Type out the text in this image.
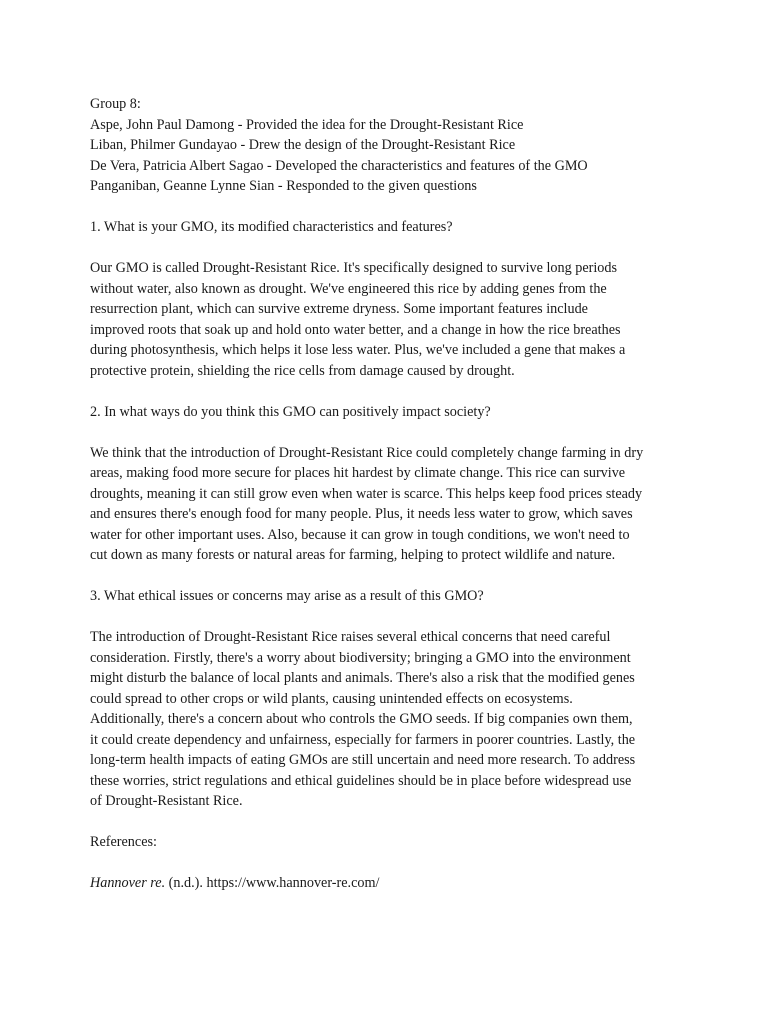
Group 8:
Aspe, John Paul Damong - Provided the idea for the Drought-Resistant Rice
Liban, Philmer Gundayao - Drew the design of the Drought-Resistant Rice
De Vera, Patricia Albert Sagao - Developed the characteristics and features of the GMO
Panganiban, Geanne Lynne Sian - Responded to the given questions
1. What is your GMO, its modified characteristics and features?
Our GMO is called Drought-Resistant Rice. It's specifically designed to survive long periods
without water, also known as drought. We've engineered this rice by adding genes from the
resurrection plant, which can survive extreme dryness. Some important features include
improved roots that soak up and hold onto water better, and a change in how the rice breathes
during photosynthesis, which helps it lose less water. Plus, we've included a gene that makes a
protective protein, shielding the rice cells from damage caused by drought.
2. In what ways do you think this GMO can positively impact society?
We think that the introduction of Drought-Resistant Rice could completely change farming in dry
areas, making food more secure for places hit hardest by climate change. This rice can survive
droughts, meaning it can still grow even when water is scarce. This helps keep food prices steady
and ensures there's enough food for many people. Plus, it needs less water to grow, which saves
water for other important uses. Also, because it can grow in tough conditions, we won't need to
cut down as many forests or natural areas for farming, helping to protect wildlife and nature.
3. What ethical issues or concerns may arise as a result of this GMO?
The introduction of Drought-Resistant Rice raises several ethical concerns that need careful
consideration. Firstly, there's a worry about biodiversity; bringing a GMO into the environment
might disturb the balance of local plants and animals. There's also a risk that the modified genes
could spread to other crops or wild plants, causing unintended effects on ecosystems.
Additionally, there's a concern about who controls the GMO seeds. If big companies own them,
it could create dependency and unfairness, especially for farmers in poorer countries. Lastly, the
long-term health impacts of eating GMOs are still uncertain and need more research. To address
these worries, strict regulations and ethical guidelines should be in place before widespread use
of Drought-Resistant Rice.
References:
Hannover re. (n.d.). https://www.hannover-re.com/
